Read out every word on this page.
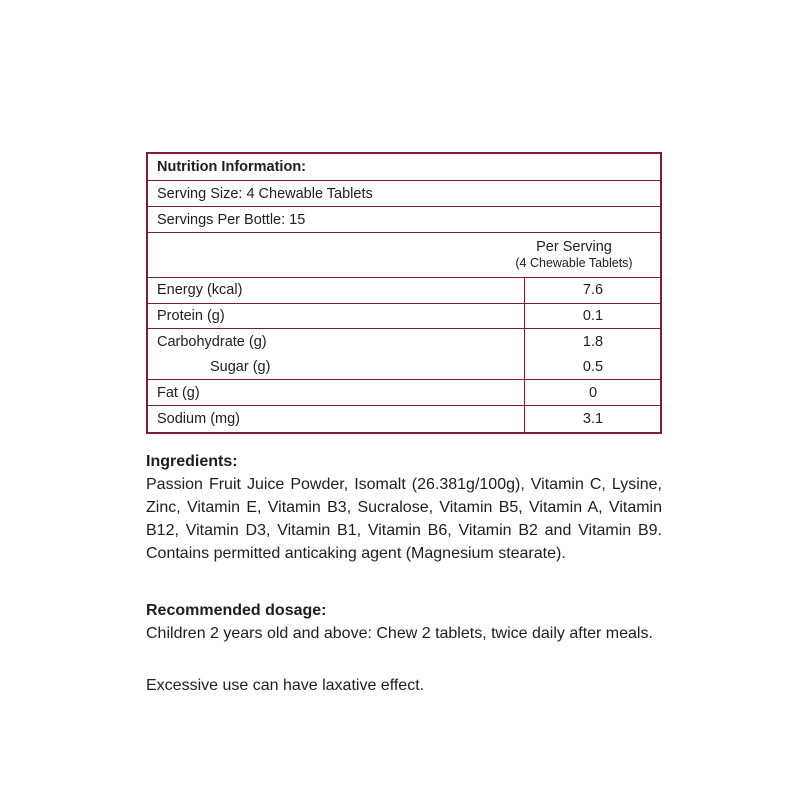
Nutrition Information:
Serving Size: 4 Chewable Tablets
Servings Per Bottle: 15
Per Serving
(4 Chewable Tablets)
Energy (kcal)	7.6
Protein (g)	0.1
Carbohydrate (g)	1.8
Sugar (g)	0.5
Fat (g)	0
Sodium (mg)	3.1
Ingredients:

Passion Fruit Juice Powder, Isomalt (26.381g/100g), Vitamin C, Lysine, Zinc, Vitamin E, Vitamin B3, Sucralose, Vitamin B5, Vitamin A, Vitamin B12, Vitamin D3, Vitamin B1, Vitamin B6, Vitamin B2 and Vitamin B9. Contains permitted anticaking agent (Magnesium stearate).

Recommended dosage:

Children 2 years old and above: Chew 2 tablets, twice daily after meals.

Excessive use can have laxative effect.
